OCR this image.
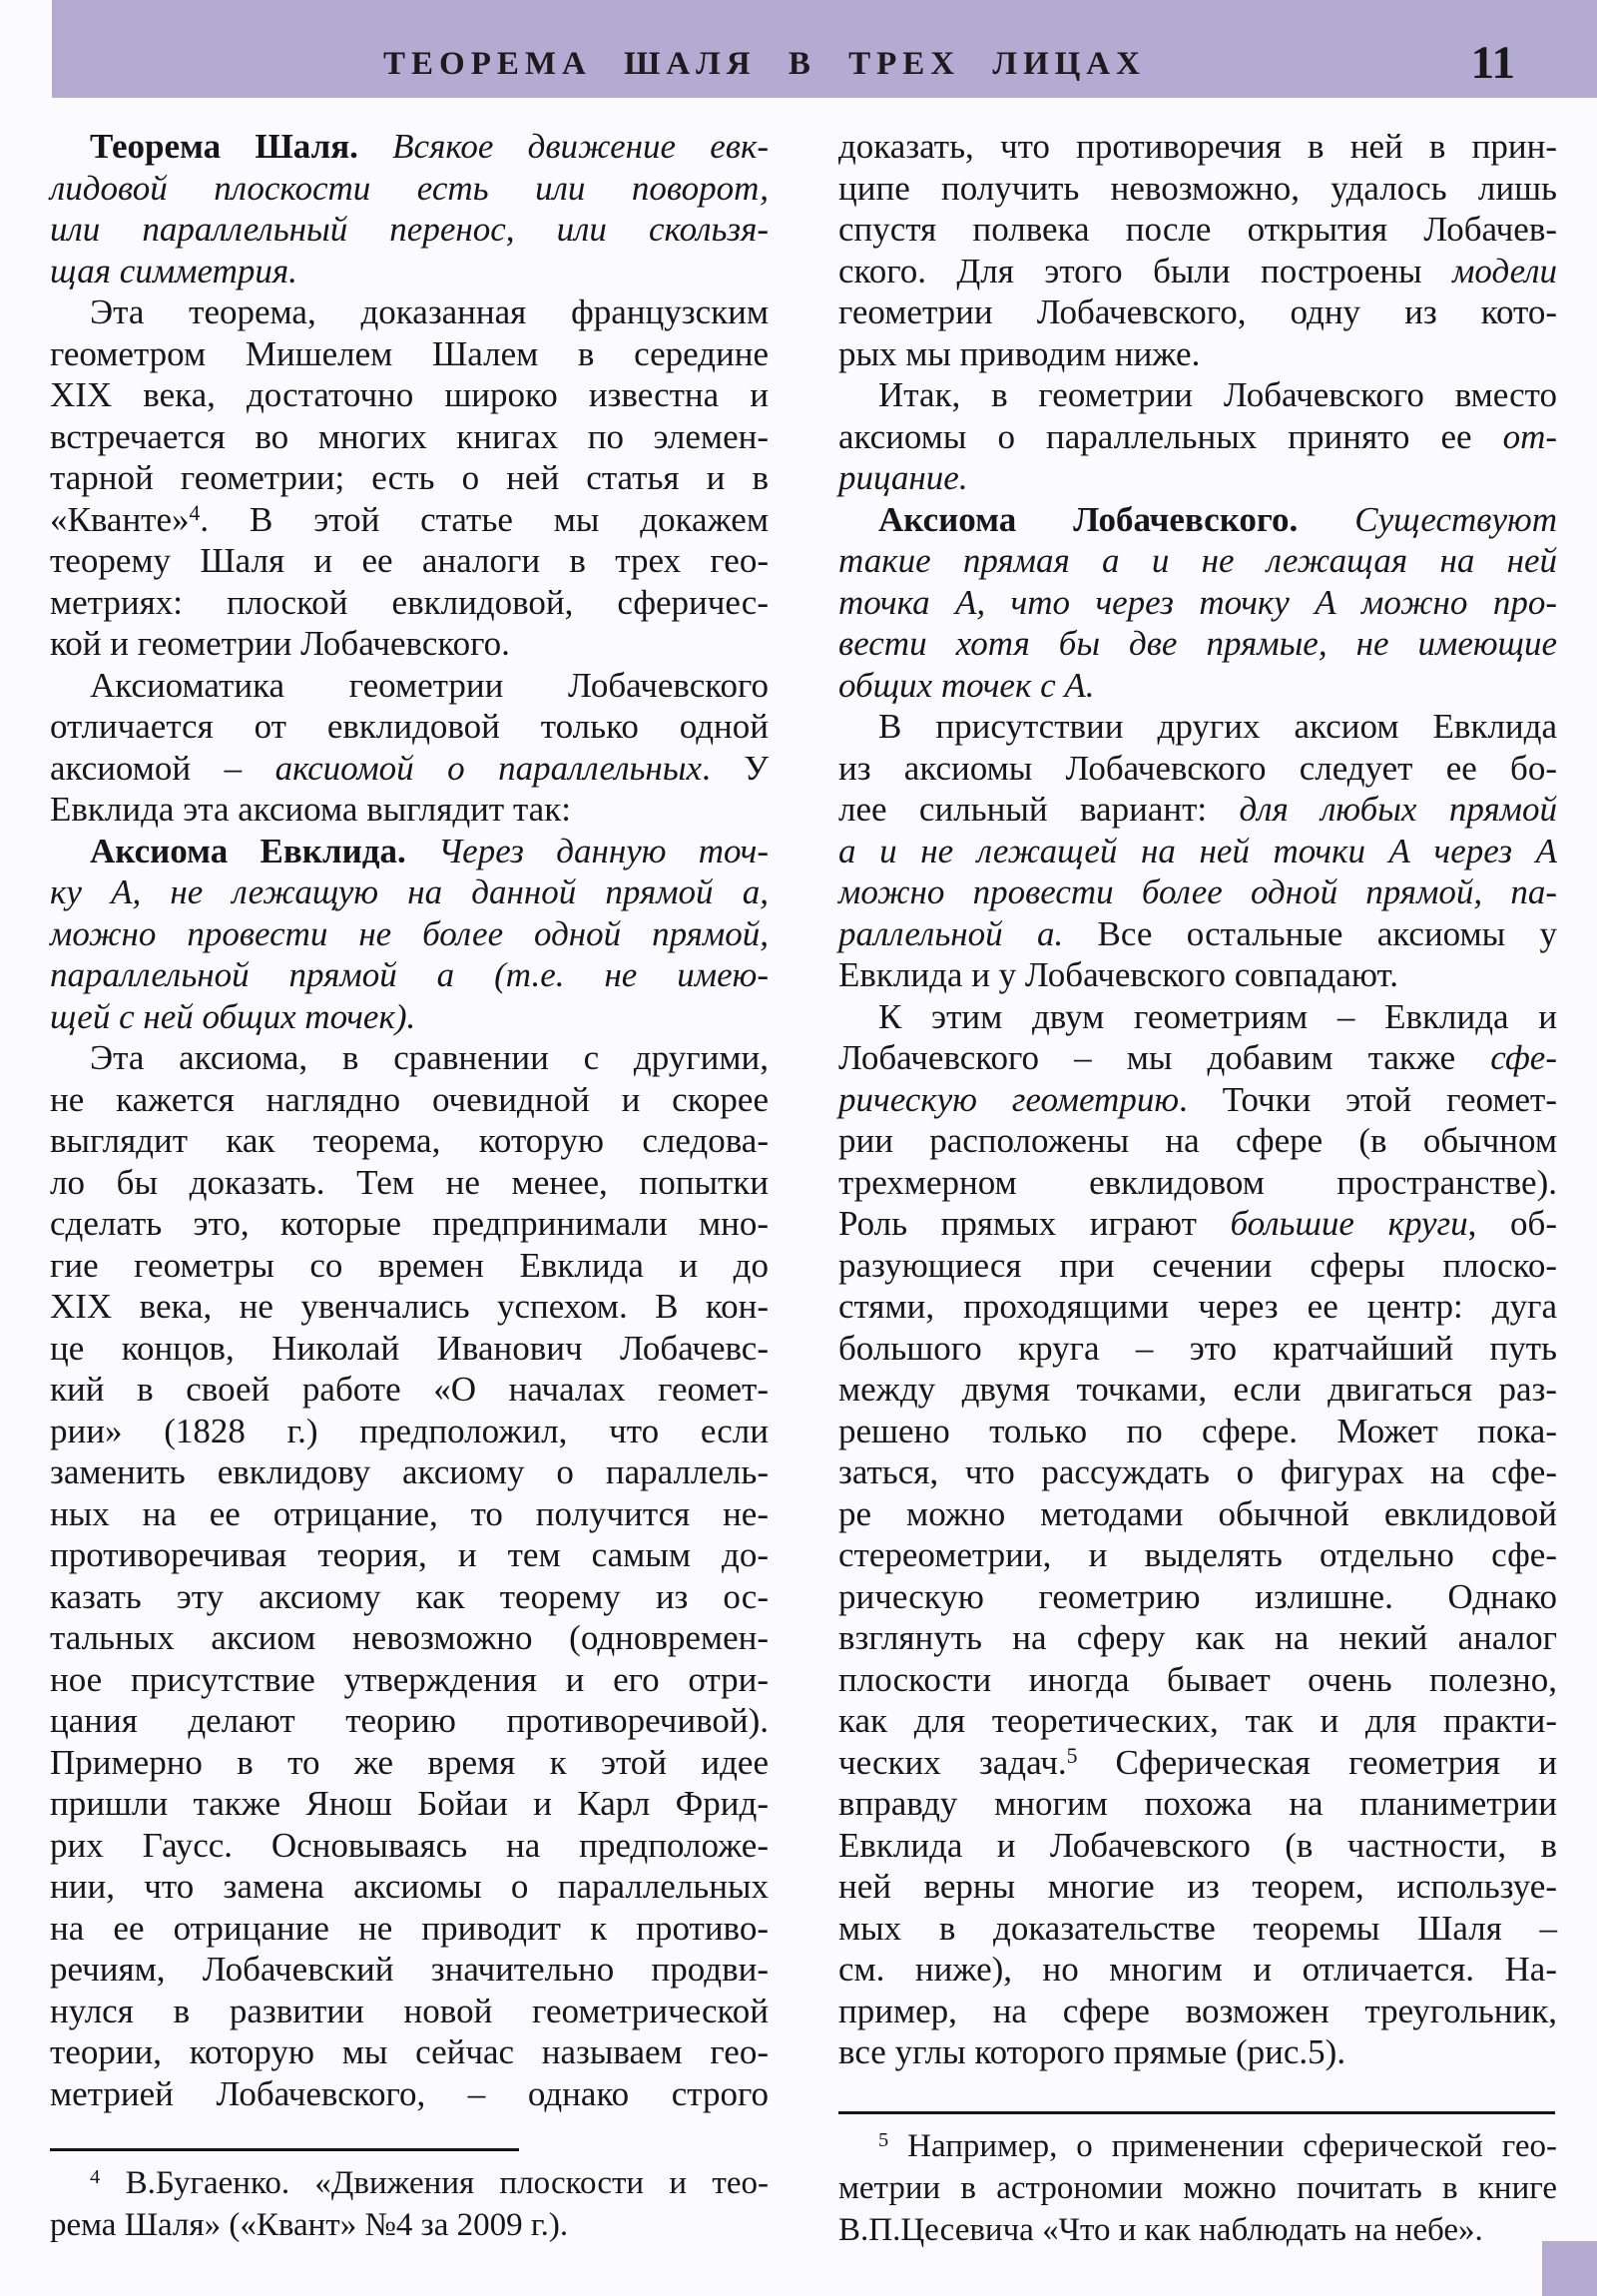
ТЕОРЕМА ШАЛЯ В ТРЕХ ЛИЦАХ	11
Теорема Шаля. Всякое движение евк-
лидовой плоскости есть или поворот,
или параллельный перенос, или скользя-
щая симметрия.
Эта теорема, доказанная французским
геометром Мишелем Шалем в середине
XIX века, достаточно широко известна и
встречается во многих книгах по элемен-
тарной геометрии; есть о ней статья и в
«Кванте»$^4$. В этой статье мы докажем
теорему Шаля и ее аналоги в трех гео-
метриях: плоской евклидовой, сферичес-
кой и геометрии Лобачевского.
Аксиоматика геометрии Лобачевского
отличается от евклидовой только одной
аксиомой – аксиомой о параллельных. У
Евклида эта аксиома выглядит так:
Аксиома Евклида. Через данную точ-
ку А, не лежащую на данной прямой а,
можно провести не более одной прямой,
параллельной прямой а (т.е. не имею-
щей с ней общих точек).
Эта аксиома, в сравнении с другими,
не кажется наглядно очевидной и скорее
выглядит как теорема, которую следова-
ло бы доказать. Тем не менее, попытки
сделать это, которые предпринимали мно-
гие геометры со времен Евклида и до
XIX века, не увенчались успехом. В кон-
це концов, Николай Иванович Лобачевс-
кий в своей работе «О началах геомет-
рии» (1828 г.) предположил, что если
заменить евклидову аксиому о параллель-
ных на ее отрицание, то получится не-
противоречивая теория, и тем самым до-
казать эту аксиому как теорему из ос-
тальных аксиом невозможно (одновремен-
ное присутствие утверждения и его отри-
цания делают теорию противоречивой).
Примерно в то же время к этой идее
пришли также Янош Бойаи и Карл Фрид-
рих Гаусс. Основываясь на предположе-
нии, что замена аксиомы о параллельных
на ее отрицание не приводит к противо-
речиям, Лобачевский значительно продви-
нулся в развитии новой геометрической
теории, которую мы сейчас называем гео-
метрией Лобачевского, – однако строго
доказать, что противоречия в ней в прин-
ципе получить невозможно, удалось лишь
спустя полвека после открытия Лобачев-
ского. Для этого были построены модели
геометрии Лобачевского, одну из кото-
рых мы приводим ниже.
Итак, в геометрии Лобачевского вместо
аксиомы о параллельных принято ее от-
рицание.
Аксиома Лобачевского. Существуют
такие прямая а и не лежащая на ней
точка А, что через точку А можно про-
вести хотя бы две прямые, не имеющие
общих точек с А.
В присутствии других аксиом Евклида
из аксиомы Лобачевского следует ее бо-
лее сильный вариант: для любых прямой
а и не лежащей на ней точки А через А
можно провести более одной прямой, па-
раллельной а. Все остальные аксиомы у
Евклида и у Лобачевского совпадают.
К этим двум геометриям – Евклида и
Лобачевского – мы добавим также сфе-
рическую геометрию. Точки этой геомет-
рии расположены на сфере (в обычном
трехмерном евклидовом пространстве).
Роль прямых играют большие круги, об-
разующиеся при сечении сферы плоско-
стями, проходящими через ее центр: дуга
большого круга – это кратчайший путь
между двумя точками, если двигаться раз-
решено только по сфере. Может пока-
заться, что рассуждать о фигурах на сфе-
ре можно методами обычной евклидовой
стереометрии, и выделять отдельно сфе-
рическую геометрию излишне. Однако
взглянуть на сферу как на некий аналог
плоскости иногда бывает очень полезно,
как для теоретических, так и для практи-
ческих задач.$^5$ Сферическая геометрия и
вправду многим похожа на планиметрии
Евклида и Лобачевского (в частности, в
ней верны многие из теорем, используе-
мых в доказательстве теоремы Шаля –
см. ниже), но многим и отличается. На-
пример, на сфере возможен треугольник,
все углы которого прямые (рис.5).
$^4$ В.Бугаенко. «Движения плоскости и тео-
рема Шаля» («Квант» №4 за 2009 г.).
$^5$ Например, о применении сферической гео-
метрии в астрономии можно почитать в книге
В.П.Цесевича «Что и как наблюдать на небе».
